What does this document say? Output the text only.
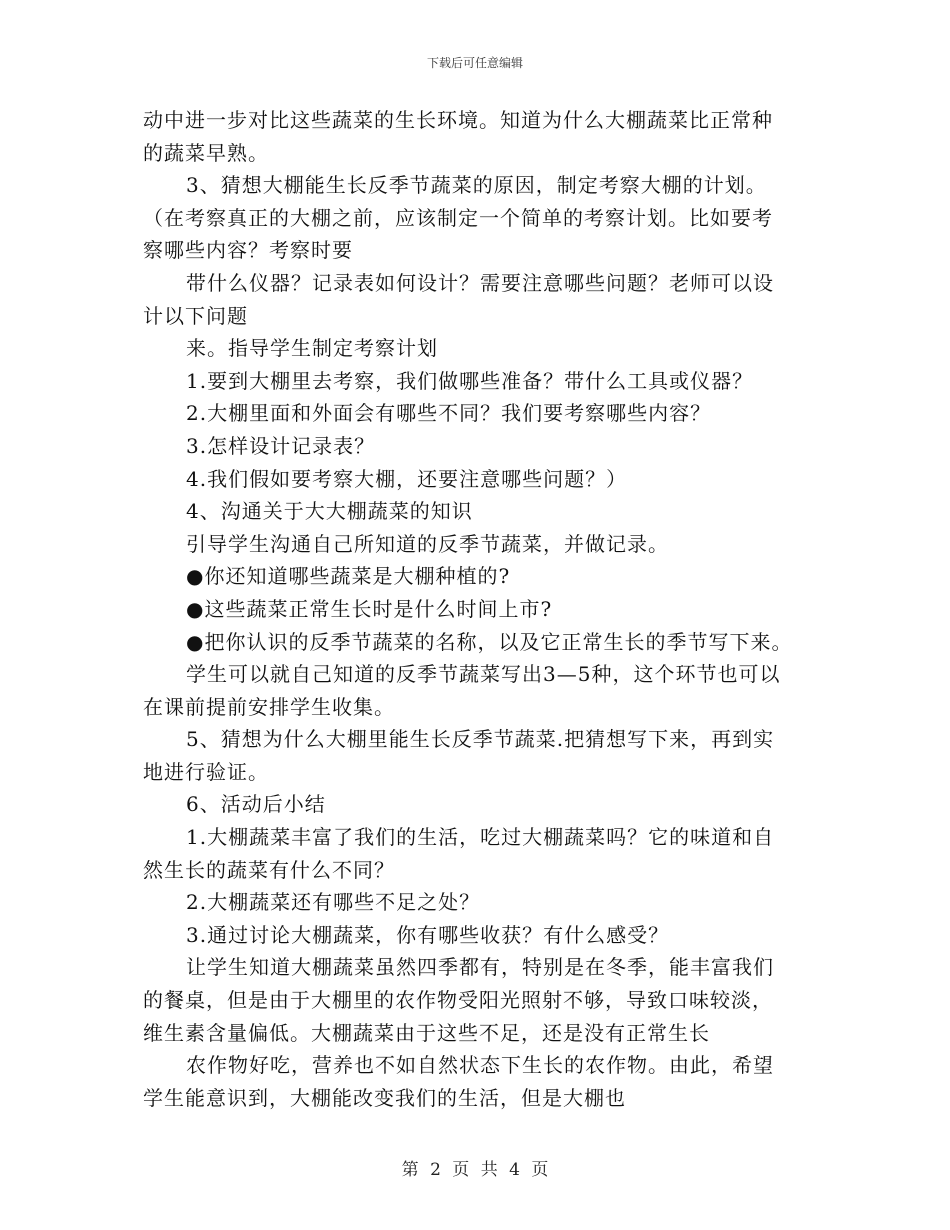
下载后可任意编辑
动中进一步对比这些蔬菜的生长环境。知道为什么大棚蔬菜比正常种
的蔬菜早熟。
3、猜想大棚能生长反季节蔬菜的原因，制定考察大棚的计划。
（在考察真正的大棚之前，应该制定一个简单的考察计划。比如要考
察哪些内容？考察时要
带什么仪器？记录表如何设计？需要注意哪些问题？老师可以设
计以下问题
来。指导学生制定考察计划
1.要到大棚里去考察，我们做哪些准备？带什么工具或仪器？
2.大棚里面和外面会有哪些不同？我们要考察哪些内容？
3.怎样设计记录表？
4.我们假如要考察大棚，还要注意哪些问题？）
4、沟通关于大大棚蔬菜的知识
引导学生沟通自己所知道的反季节蔬菜，并做记录。
●你还知道哪些蔬菜是大棚种植的?
●这些蔬菜正常生长时是什么时间上市?
●把你认识的反季节蔬菜的名称，以及它正常生长的季节写下来。
学生可以就自己知道的反季节蔬菜写出3—5种，这个环节也可以
在课前提前安排学生收集。
5、猜想为什么大棚里能生长反季节蔬菜.把猜想写下来，再到实
地进行验证。
6、活动后小结
1.大棚蔬菜丰富了我们的生活，吃过大棚蔬菜吗？它的味道和自
然生长的蔬菜有什么不同？
2.大棚蔬菜还有哪些不足之处？
3.通过讨论大棚蔬菜，你有哪些收获？有什么感受？
让学生知道大棚蔬菜虽然四季都有，特别是在冬季，能丰富我们
的餐桌，但是由于大棚里的农作物受阳光照射不够，导致口味较淡，
维生素含量偏低。大棚蔬菜由于这些不足，还是没有正常生长
农作物好吃，营养也不如自然状态下生长的农作物。由此，希望
学生能意识到，大棚能改变我们的生活，但是大棚也
第 2 页 共 4 页
